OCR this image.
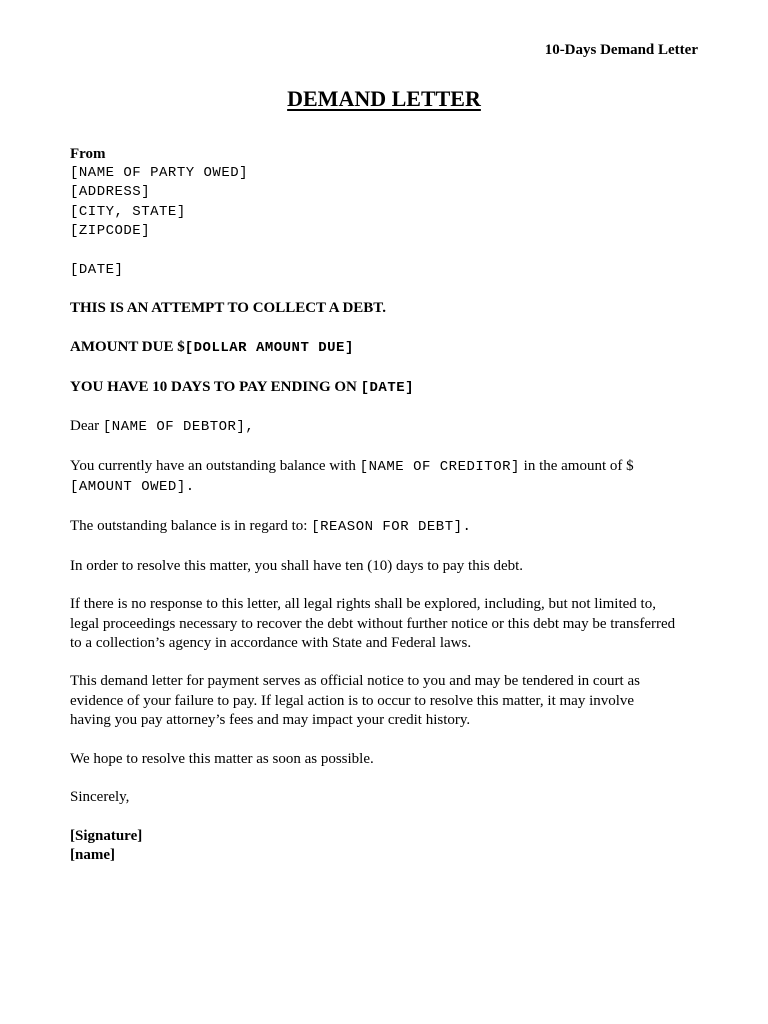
10-Days Demand Letter
DEMAND LETTER
From
[NAME OF PARTY OWED]
[ADDRESS]
[CITY, STATE]
[ZIPCODE]
[DATE]
THIS IS AN ATTEMPT TO COLLECT A DEBT.
AMOUNT DUE $[DOLLAR AMOUNT DUE]
YOU HAVE 10 DAYS TO PAY ENDING ON [DATE]
Dear [NAME OF DEBTOR],
You currently have an outstanding balance with [NAME OF CREDITOR] in the amount of $
[AMOUNT OWED].
The outstanding balance is in regard to: [REASON FOR DEBT].
In order to resolve this matter, you shall have ten (10) days to pay this debt.
If there is no response to this letter, all legal rights shall be explored, including, but not limited to,
legal proceedings necessary to recover the debt without further notice or this debt may be transferred
to a collection’s agency in accordance with State and Federal laws.
This demand letter for payment serves as official notice to you and may be tendered in court as
evidence of your failure to pay. If legal action is to occur to resolve this matter, it may involve
having you pay attorney’s fees and may impact your credit history.
We hope to resolve this matter as soon as possible.
Sincerely,
[Signature]
[name]
